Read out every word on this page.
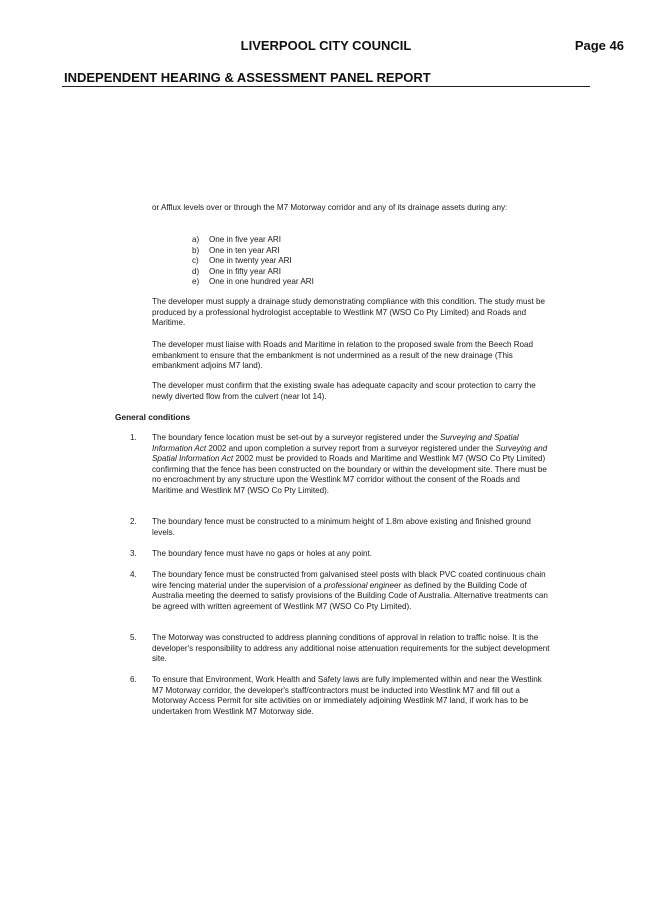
LIVERPOOL CITY COUNCIL	Page 46
INDEPENDENT HEARING & ASSESSMENT PANEL REPORT
or Afflux levels over or through the M7 Motorway corridor and any of its drainage assets during any:
a) One in five year ARI
b) One in ten year ARI
c) One in twenty year ARI
d) One in fifty year ARI
e) One in one hundred year ARI
The developer must supply a drainage study demonstrating compliance with this condition. The study must be produced by a professional hydrologist acceptable to Westlink M7 (WSO Co Pty Limited) and Roads and Maritime.
The developer must liaise with Roads and Maritime in relation to the proposed swale from the Beech Road embankment to ensure that the embankment is not undermined as a result of the new drainage (This embankment adjoins M7 land).
The developer must confirm that the existing swale has adequate capacity and scour protection to carry the newly diverted flow from the culvert (near lot 14).
General conditions
1.	The boundary fence location must be set-out by a surveyor registered under the Surveying and Spatial Information Act 2002 and upon completion a survey report from a surveyor registered under the Surveying and Spatial Information Act 2002 must be provided to Roads and Maritime and Westlink M7 (WSO Co Pty Limited) confirming that the fence has been constructed on the boundary or within the development site. There must be no encroachment by any structure upon the Westlink M7 corridor without the consent of the Roads and Maritime and Westlink M7 (WSO Co Pty Limited).
2.	The boundary fence must be constructed to a minimum height of 1.8m above existing and finished ground levels.
3.	The boundary fence must have no gaps or holes at any point.
4.	The boundary fence must be constructed from galvanised steel posts with black PVC coated continuous chain wire fencing material under the supervision of a professional engineer as defined by the Building Code of Australia meeting the deemed to satisfy provisions of the Building Code of Australia. Alternative treatments can be agreed with written agreement of Westlink M7 (WSO Co Pty Limited).
5.	The Motorway was constructed to address planning conditions of approval in relation to traffic noise. It is the developer's responsibility to address any additional noise attenuation requirements for the subject development site.
6.	To ensure that Environment, Work Health and Safety laws are fully implemented within and near the Westlink M7 Motorway corridor, the developer's staff/contractors must be inducted into Westlink M7 and fill out a Motorway Access Permit for site activities on or immediately adjoining Westlink M7 land, if work has to be undertaken from Westlink M7 Motorway side.
